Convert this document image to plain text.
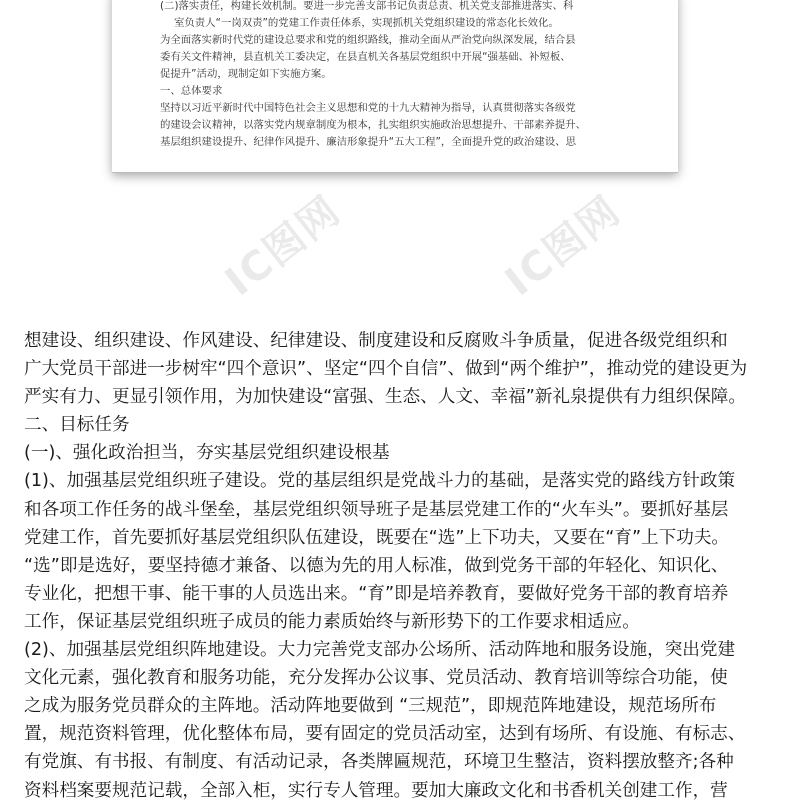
(二)落实责任，构建长效机制。要进一步完善支部书记负责总责、机关党支部推进落实、科

室负责人“一岗双责”的党建工作责任体系，实现抓机关党组织建设的常态化长效化。

为全面落实新时代党的建设总要求和党的组织路线，推动全面从严治党向纵深发展，结合县

委有关文件精神，县直机关工委决定，在县直机关各基层党组织中开展“强基础、补短板、

促提升”活动，现制定如下实施方案。

一、总体要求

坚持以习近平新时代中国特色社会主义思想和党的十九大精神为指导，认真贯彻落实各级党

的建设会议精神，以落实党内规章制度为根本，扎实组织实施政治思想提升、干部素养提升、

基层组织建设提升、纪律作风提升、廉洁形象提升“五大工程”，全面提升党的政治建设、思

IC图网	IC图网

想建设、组织建设、作风建设、纪律建设、制度建设和反腐败斗争质量，促进各级党组织和

广大党员干部进一步树牢“四个意识”、坚定“四个自信”、做到“两个维护”，推动党的建设更为

严实有力、更显引领作用，为加快建设“富强、生态、人文、幸福”新礼泉提供有力组织保障。

二、目标任务

(一)、强化政治担当，夯实基层党组织建设根基

(1)、加强基层党组织班子建设。党的基层组织是党战斗力的基础，是落实党的路线方针政策

和各项工作任务的战斗堡垒，基层党组织领导班子是基层党建工作的“火车头”。要抓好基层

党建工作，首先要抓好基层党组织队伍建设，既要在“选”上下功夫，又要在“育”上下功夫。

“选”即是选好，要坚持德才兼备、以德为先的用人标准，做到党务干部的年轻化、知识化、

专业化，把想干事、能干事的人员选出来。“育”即是培养教育，要做好党务干部的教育培养

工作，保证基层党组织班子成员的能力素质始终与新形势下的工作要求相适应。

(2)、加强基层党组织阵地建设。大力完善党支部办公场所、活动阵地和服务设施，突出党建

文化元素，强化教育和服务功能，充分发挥办公议事、党员活动、教育培训等综合功能，使

之成为服务党员群众的主阵地。活动阵地要做到 “三规范”，即规范阵地建设，规范场所布

置，规范资料管理，优化整体布局，要有固定的党员活动室，达到有场所、有设施、有标志、

有党旗、有书报、有制度、有活动记录，各类牌匾规范，环境卫生整洁，资料摆放整齐;各种

资料档案要规范记载，全部入柜，实行专人管理。要加大廉政文化和书香机关创建工作，营
